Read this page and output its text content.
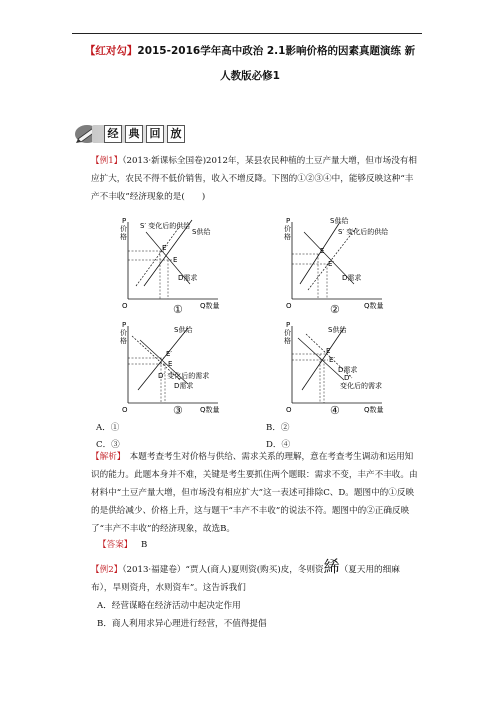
【红对勾】2015-2016学年高中政治 2.1影响价格的因素真题演练 新
人教版必修1
经 典 回 放
【例1】（2013·新课标全国卷)2012年，某县农民种植的土豆产量大增，但市场没有相应扩大，农民不得不低价销售，收入不增反降。下图的①②③④中，能够反映这种“丰产不丰收”经济现象的是(　　)
P
价
格
Q数量
O
S′ 变化后的供给
S供给
E′
E
D需求
①
P
价
格
Q数量
O
S供给
S′ 变化后的供给
E
E′
D需求
②
P
价
格
Q数量
O
S供给
E′
E
D′ 变化后的需求
D需求
③
P
价
格
Q数量
O
S供给
E
E′
D需求
D′
变化后的需求
④
A．①	B．②
C．③	D．④
【解析】　本题考查考生对价格与供给、需求关系的理解，意在考查考生调动和运用知识的能力。此题本身并不难，关键是考生要抓住两个题眼：需求不变，丰产不丰收。由材料中“土豆产量大增，但市场没有相应扩大”这一表述可排除C、D。题图中的①反映的是供给减少、价格上升，这与题干“丰产不丰收”的说法不符。题图中的②正确反映了“丰产不丰收”的经济现象，故选B。
【答案】  B
【例2】（2013·福建卷）“贾人(商人)夏则资(购买)皮，冬则资絺（夏天用的细麻布），旱则资舟，水则资车”。这告诉我们
A．经营谋略在经济活动中起决定作用
B．商人利用求异心理进行经营，不值得提倡
